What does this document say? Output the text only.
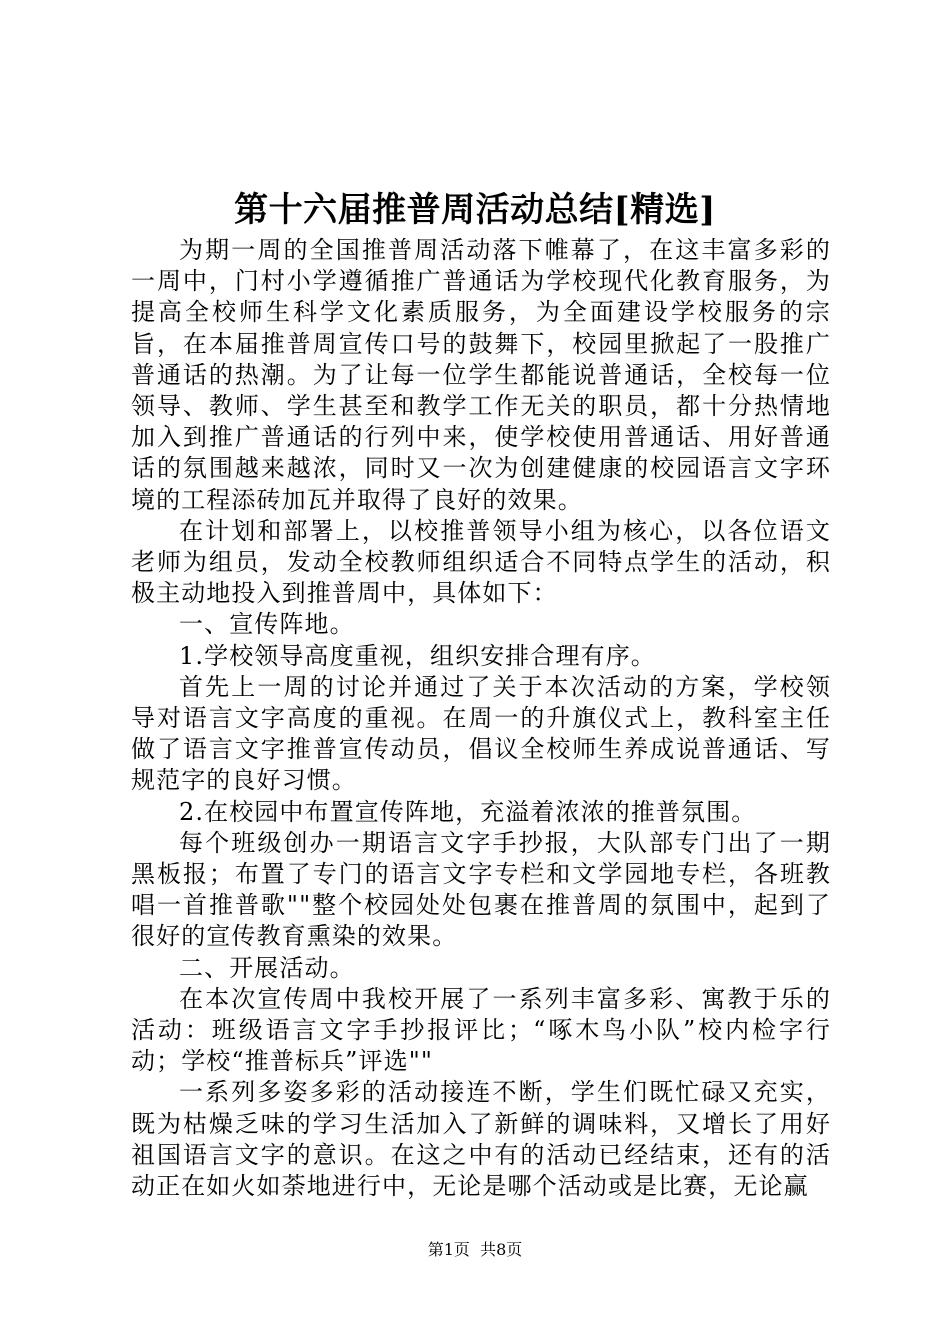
第十六届推普周活动总结[精选]

为期一周的全国推普周活动落下帷幕了，在这丰富多彩的一周中，门村小学遵循推广普通话为学校现代化教育服务，为提高全校师生科学文化素质服务，为全面建设学校服务的宗旨，在本届推普周宣传口号的鼓舞下，校园里掀起了一股推广普通话的热潮。为了让每一位学生都能说普通话，全校每一位领导、教师、学生甚至和教学工作无关的职员，都十分热情地加入到推广普通话的行列中来，使学校使用普通话、用好普通话的氛围越来越浓，同时又一次为创建健康的校园语言文字环境的工程添砖加瓦并取得了良好的效果。

在计划和部署上，以校推普领导小组为核心，以各位语文老师为组员，发动全校教师组织适合不同特点学生的活动，积极主动地投入到推普周中，具体如下：

一、宣传阵地。

1.学校领导高度重视，组织安排合理有序。

首先上一周的讨论并通过了关于本次活动的方案，学校领导对语言文字高度的重视。在周一的升旗仪式上，教科室主任做了语言文字推普宣传动员，倡议全校师生养成说普通话、写规范字的良好习惯。

2.在校园中布置宣传阵地，充溢着浓浓的推普氛围。

每个班级创办一期语言文字手抄报，大队部专门出了一期黑板报；布置了专门的语言文字专栏和文学园地专栏，各班教唱一首推普歌""整个校园处处包裹在推普周的氛围中，起到了很好的宣传教育熏染的效果。

二、开展活动。

在本次宣传周中我校开展了一系列丰富多彩、寓教于乐的活动：班级语言文字手抄报评比；“啄木鸟小队”校内检字行动；学校“推普标兵”评选""

一系列多姿多彩的活动接连不断，学生们既忙碌又充实，既为枯燥乏味的学习生活加入了新鲜的调味料，又增长了用好祖国语言文字的意识。在这之中有的活动已经结束，还有的活动正在如火如荼地进行中，无论是哪个活动或是比赛，无论赢

第1页  共8页
